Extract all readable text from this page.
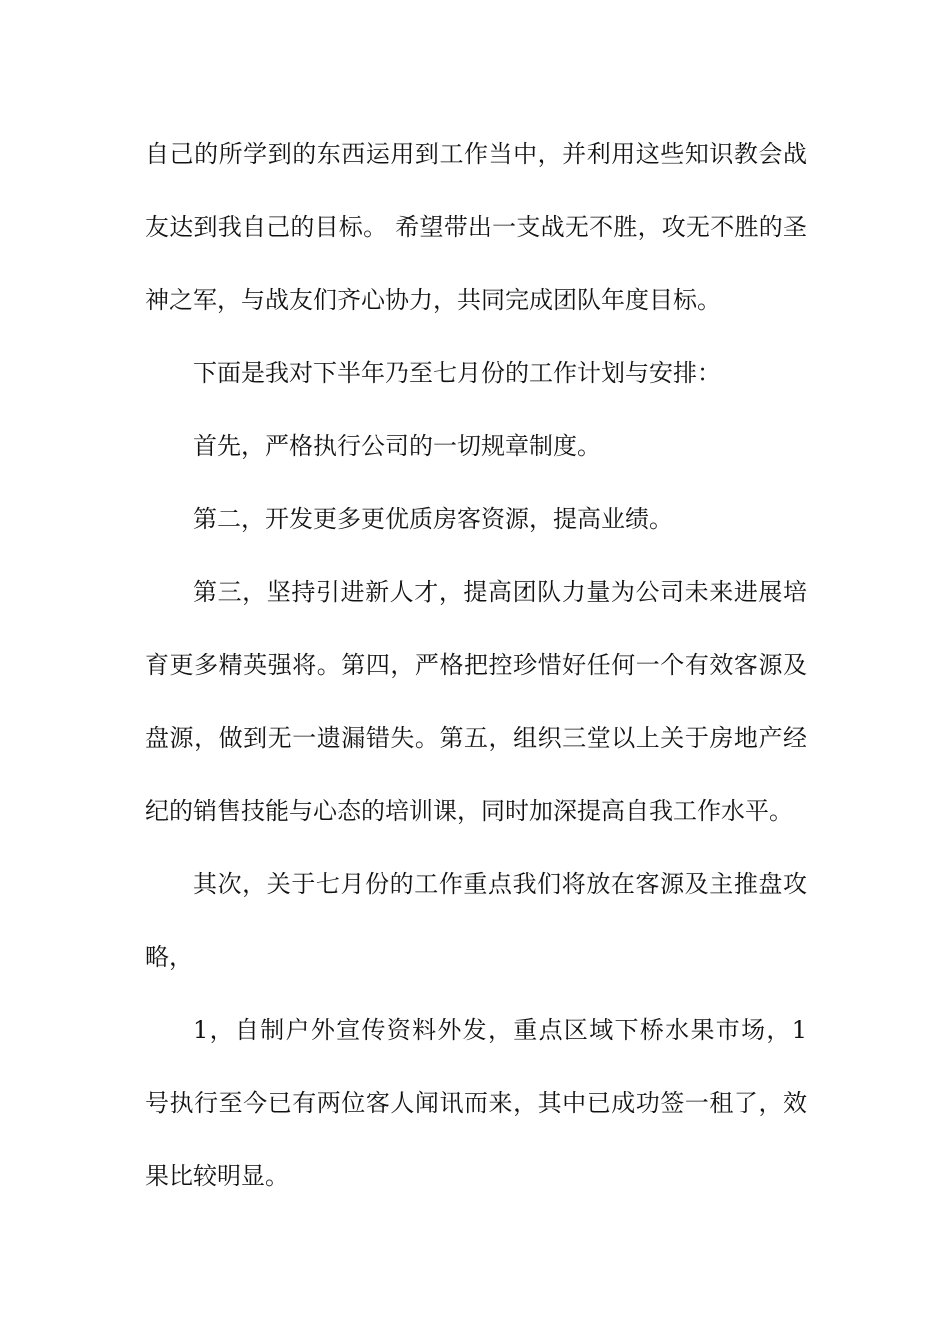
自己的所学到的东西运用到工作当中，并利用这些知识教会战友达到我自己的目标。 希望带出一支战无不胜，攻无不胜的圣神之军，与战友们齐心协力，共同完成团队年度目标。

下面是我对下半年乃至七月份的工作计划与安排：

首先，严格执行公司的一切规章制度。

第二，开发更多更优质房客资源，提高业绩。

第三，坚持引进新人才，提高团队力量为公司未来进展培育更多精英强将。第四，严格把控珍惜好任何一个有效客源及盘源，做到无一遗漏错失。第五，组织三堂以上关于房地产经纪的销售技能与心态的培训课，同时加深提高自我工作水平。

其次，关于七月份的工作重点我们将放在客源及主推盘攻略，

1，自制户外宣传资料外发，重点区域下桥水果市场，1 号执行至今已有两位客人闻讯而来，其中已成功签一租了，效果比较明显。
